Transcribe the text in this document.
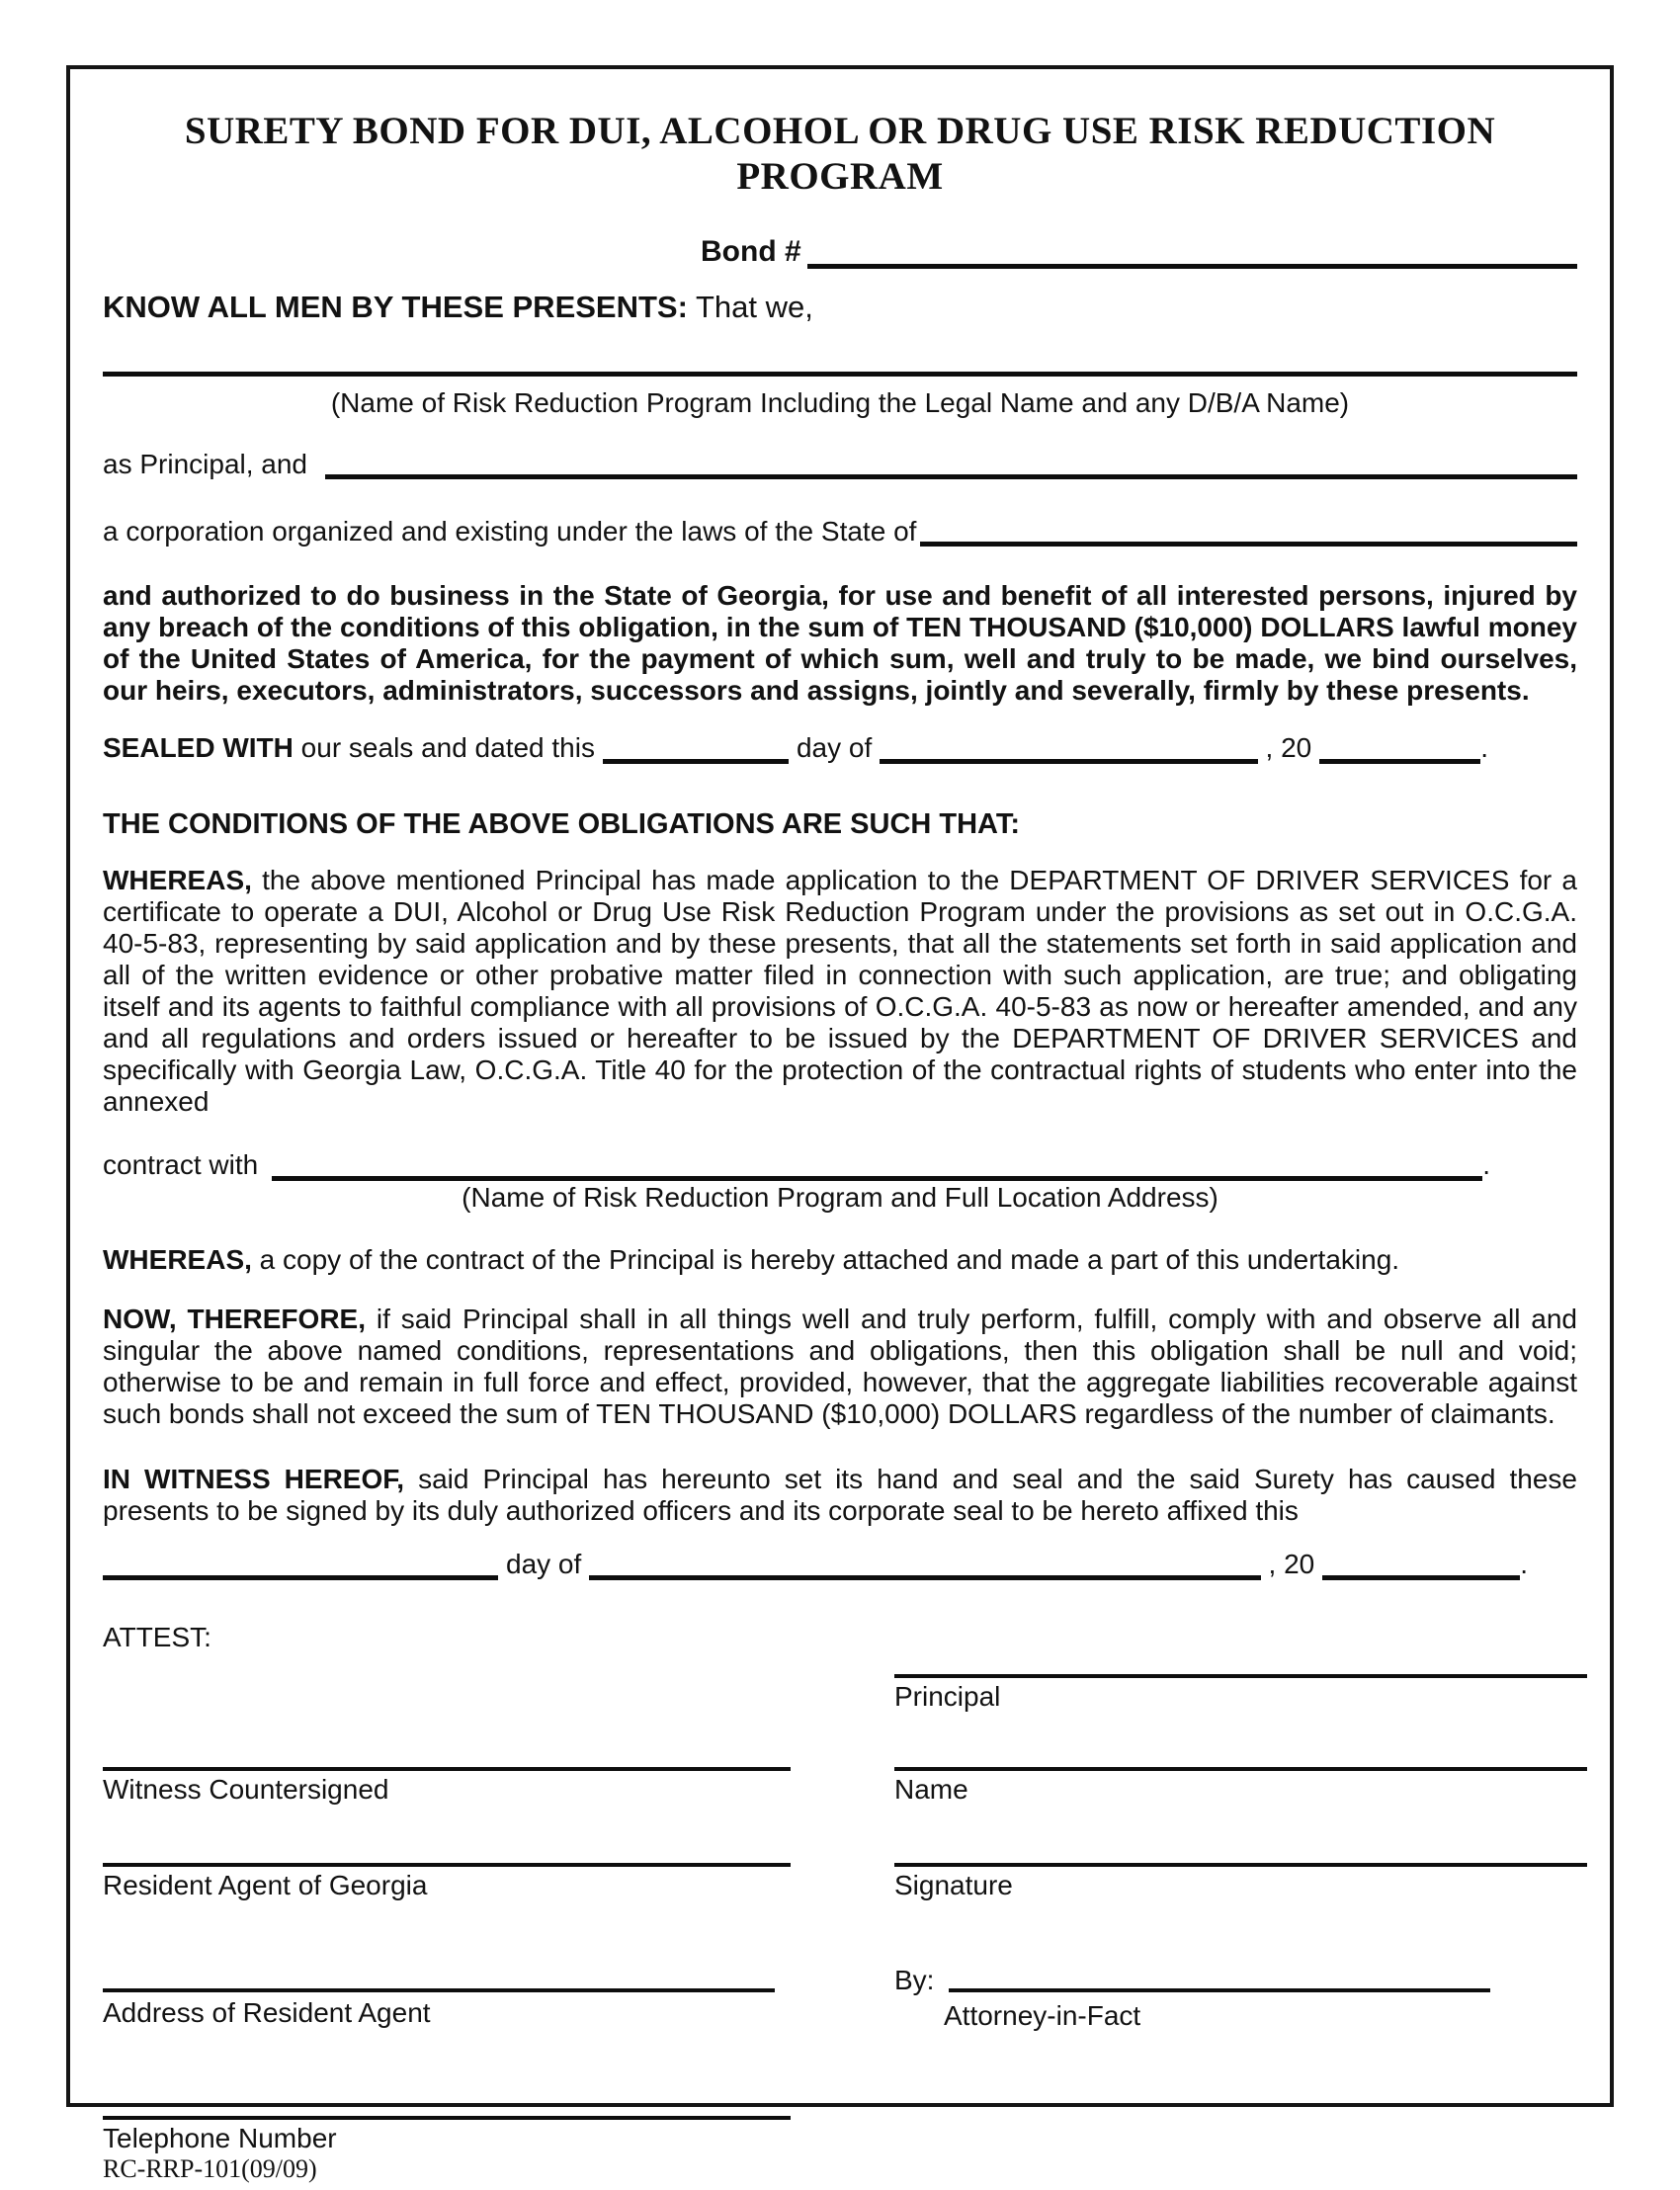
SURETY BOND FOR DUI, ALCOHOL OR DRUG USE RISK REDUCTION PROGRAM
Bond #
KNOW ALL MEN BY THESE PRESENTS: That we,
(Name of Risk Reduction Program Including the Legal Name and any D/B/A Name)
as Principal, and
a corporation organized and existing under the laws of the State of
and authorized to do business in the State of Georgia, for use and benefit of all interested persons, injured by any breach of the conditions of this obligation, in the sum of TEN THOUSAND ($10,000) DOLLARS lawful money of the United States of America, for the payment of which sum, well and truly to be made, we bind ourselves, our heirs, executors, administrators, successors and assigns, jointly and severally, firmly by these presents.
SEALED WITH our seals and dated this	day of	, 20	.
THE CONDITIONS OF THE ABOVE OBLIGATIONS ARE SUCH THAT:
WHEREAS, the above mentioned Principal has made application to the DEPARTMENT OF DRIVER SERVICES for a certificate to operate a DUI, Alcohol or Drug Use Risk Reduction Program under the provisions as set out in O.C.G.A. 40-5-83, representing by said application and by these presents, that all the statements set forth in said application and all of the written evidence or other probative matter filed in connection with such application, are true; and obligating itself and its agents to faithful compliance with all provisions of O.C.G.A. 40-5-83 as now or hereafter amended, and any and all regulations and orders issued or hereafter to be issued by the DEPARTMENT OF DRIVER SERVICES and specifically with Georgia Law, O.C.G.A. Title 40 for the protection of the contractual rights of students who enter into the annexed
contract with	.
(Name of Risk Reduction Program and Full Location Address)
WHEREAS, a copy of the contract of the Principal is hereby attached and made a part of this undertaking.
NOW, THEREFORE, if said Principal shall in all things well and truly perform, fulfill, comply with and observe all and singular the above named conditions, representations and obligations, then this obligation shall be null and void; otherwise to be and remain in full force and effect, provided, however, that the aggregate liabilities recoverable against such bonds shall not exceed the sum of TEN THOUSAND ($10,000) DOLLARS regardless of the number of claimants.
IN WITNESS HEREOF, said Principal has hereunto set its hand and seal and the said Surety has caused these presents to be signed by its duly authorized officers and its corporate seal to be hereto affixed this
day of	, 20	.
ATTEST:
Principal
Witness Countersigned	Name
Resident Agent of Georgia	Signature
By:
Attorney-in-Fact
Address of Resident Agent
Telephone Number
RC-RRP-101(09/09)
